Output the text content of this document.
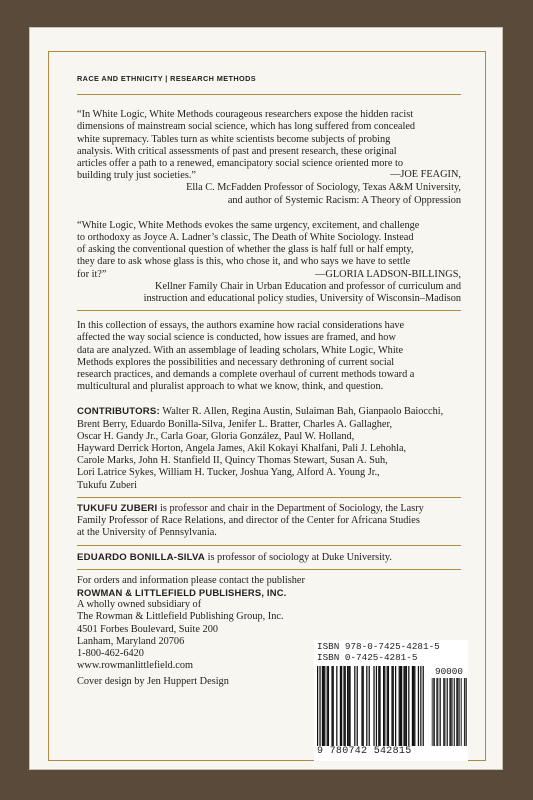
RACE AND ETHNICITY | RESEARCH METHODS

“In White Logic, White Methods courageous researchers expose the hidden racist

dimensions of mainstream social science, which has long suffered from concealed

white supremacy. Tables turn as white scientists become subjects of probing

analysis. With critical assessments of past and present research, these original

articles offer a path to a renewed, emancipatory social science oriented more to

building truly just societies.”	—JOE FEAGIN,

Ella C. McFadden Professor of Sociology, Texas A&M University,

and author of Systemic Racism: A Theory of Oppression

“White Logic, White Methods evokes the same urgency, excitement, and challenge

to orthodoxy as Joyce A. Ladner’s classic, The Death of White Sociology. Instead

of asking the conventional question of whether the glass is half full or half empty,

they dare to ask whose glass is this, who chose it, and who says we have to settle

for it?”	—GLORIA LADSON-BILLINGS,

Kellner Family Chair in Urban Education and professor of curriculum and

instruction and educational policy studies, University of Wisconsin–Madison

In this collection of essays, the authors examine how racial considerations have

affected the way social science is conducted, how issues are framed, and how

data are analyzed. With an assemblage of leading scholars, White Logic, White

Methods explores the possibilities and necessary dethroning of current social

research practices, and demands a complete overhaul of current methods toward a

multicultural and pluralist approach to what we know, think, and question.

CONTRIBUTORS: Walter R. Allen, Regina Austin, Sulaiman Bah, Gianpaolo Baiocchi,

Brent Berry, Eduardo Bonilla-Silva, Jenifer L. Bratter, Charles A. Gallagher,

Oscar H. Gandy Jr., Carla Goar, Gloria González, Paul W. Holland,

Hayward Derrick Horton, Angela James, Akil Kokayi Khalfani, Pali J. Lehohla,

Carole Marks, John H. Stanfield II, Quincy Thomas Stewart, Susan A. Suh,

Lori Latrice Sykes, William H. Tucker, Joshua Yang, Alford A. Young Jr.,

Tukufu Zuberi

TUKUFU ZUBERI is professor and chair in the Department of Sociology, the Lasry

Family Professor of Race Relations, and director of the Center for Africana Studies

at the University of Pennsylvania.

EDUARDO BONILLA-SILVA is professor of sociology at Duke University.

For orders and information please contact the publisher

ROWMAN & LITTLEFIELD PUBLISHERS, INC.

A wholly owned subsidiary of

The Rowman & Littlefield Publishing Group, Inc.

4501 Forbes Boulevard, Suite 200

Lanham, Maryland 20706

1-800-462-6420

www.rowmanlittlefield.com

Cover design by Jen Huppert Design

ISBN 978-0-7425-4281-5
ISBN 0-7425-4281-5
90000
9 780742 542815
